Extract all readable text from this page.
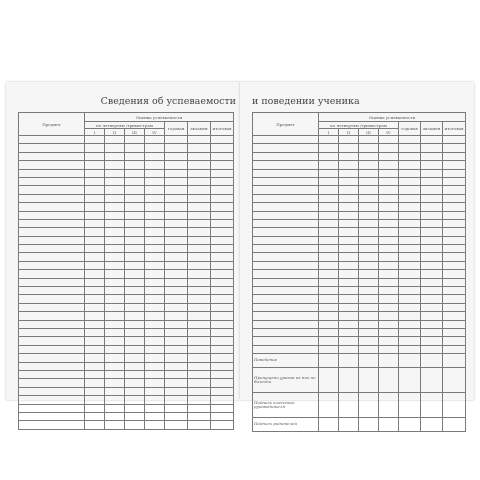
Сведения об успеваемости
Предмет	Оценка успеваемости						
	по четвертям /триместрам				годовая	экзамен	итоговая
	I	II	III	IV			

и поведении ученика
Предмет	Оценка успеваемости						
	по четвертям /триместрам				годовая	экзамен	итоговая
	I	II	III	IV			

Поведение							
Пропущено уроков из них по болезни							
Подпись классного руководителя							
Подпись родителей							
